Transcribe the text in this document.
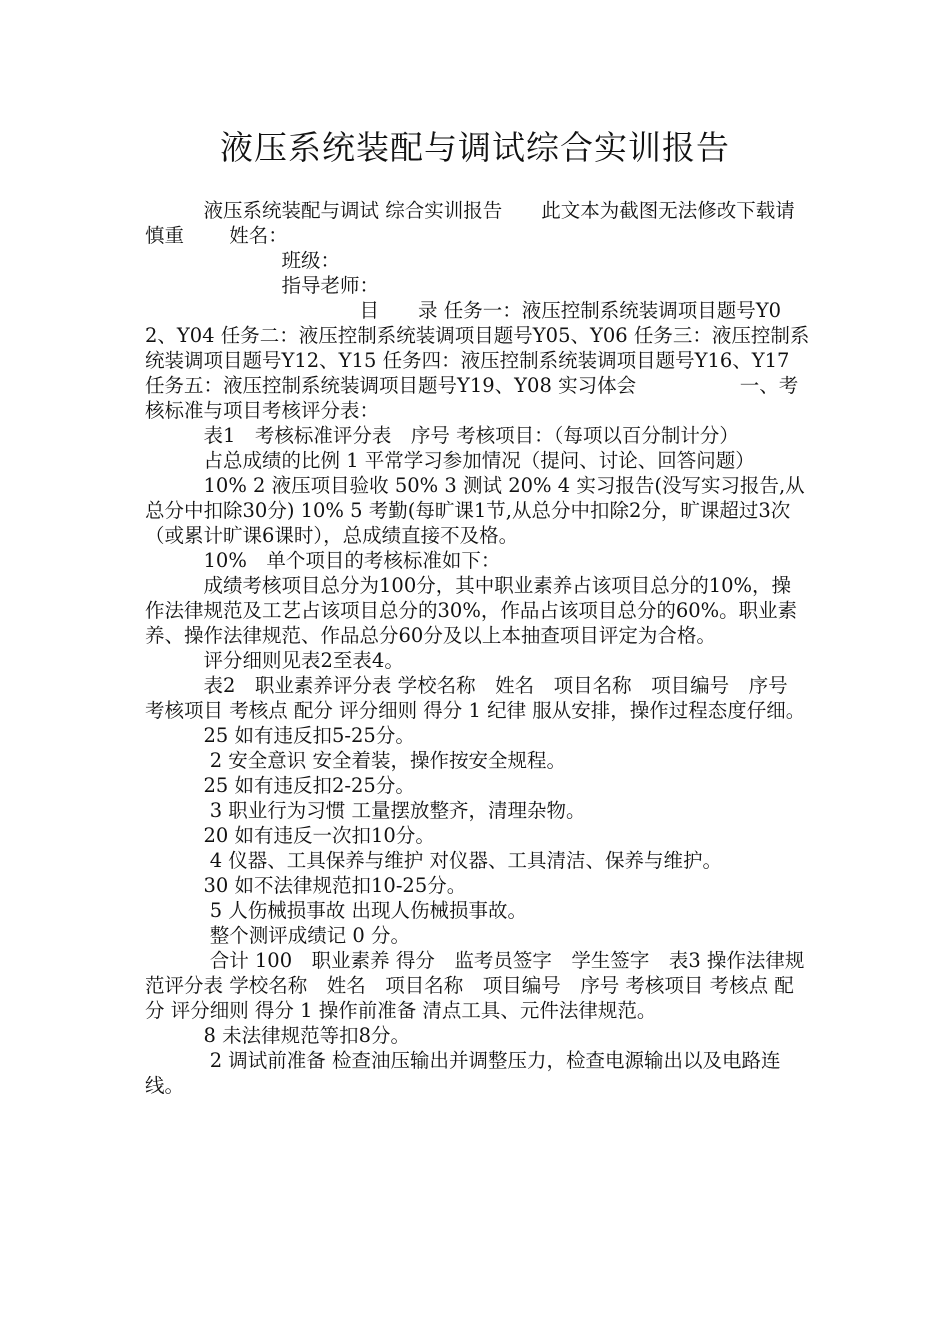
液压系统装配与调试综合实训报告

　　　液压系统装配与调试 综合实训报告　　此文本为截图无法修改下载请慎重　　 姓名：

　　　　　　　班级：

　　　　　　　指导老师：

　　　　　　　　　　　目　　录 任务一：液压控制系统装调项目题号Y02、Y04 任务二：液压控制系统装调项目题号Y05、Y06 任务三：液压控制系统装调项目题号Y12、Y15 任务四：液压控制系统装调项目题号Y16、Y17 任务五：液压控制系统装调项目题号Y19、Y08 实习体会　　　　　 一、考核标准与项目考核评分表：

　　　表1　考核标准评分表　序号 考核项目：（每项以百分制计分）

　　　占总成绩的比例 1 平常学习参加情况（提问、讨论、回答问题）

　　　10% 2 液压项目验收 50% 3 测试 20% 4 实习报告(没写实习报告,从总分中扣除30分) 10% 5 考勤(每旷课1节,从总分中扣除2分，旷课超过3次（或累计旷课6课时），总成绩直接不及格。

　　　10%　单个项目的考核标准如下：

　　　成绩考核项目总分为100分，其中职业素养占该项目总分的10%，操作法律规范及工艺占该项目总分的30%，作品占该项目总分的60%。职业素养、操作法律规范、作品总分60分及以上本抽查项目评定为合格。

　　　评分细则见表2至表4。

　　　表2　职业素养评分表 学校名称　姓名　项目名称　项目编号　序号 考核项目 考核点 配分 评分细则 得分 1 纪律 服从安排，操作过程态度仔细。

　　　25 如有违反扣5-25分。

　　　 2 安全意识 安全着装，操作按安全规程。

　　　25 如有违反扣2-25分。

　　　 3 职业行为习惯 工量摆放整齐，清理杂物。

　　　20 如有违反一次扣10分。

　　　 4 仪器、工具保养与维护 对仪器、工具清洁、保养与维护。

　　　30 如不法律规范扣10-25分。

　　　 5 人伤械损事故 出现人伤械损事故。

　　　 整个测评成绩记 0 分。

　　　 合计 100　职业素养 得分　监考员签字　学生签字　表3 操作法律规范评分表 学校名称　姓名　项目名称　项目编号　序号 考核项目 考核点 配分 评分细则 得分 1 操作前准备 清点工具、元件法律规范。

　　　8 未法律规范等扣8分。

　　　 2 调试前准备 检查油压输出并调整压力，检查电源输出以及电路连线。
